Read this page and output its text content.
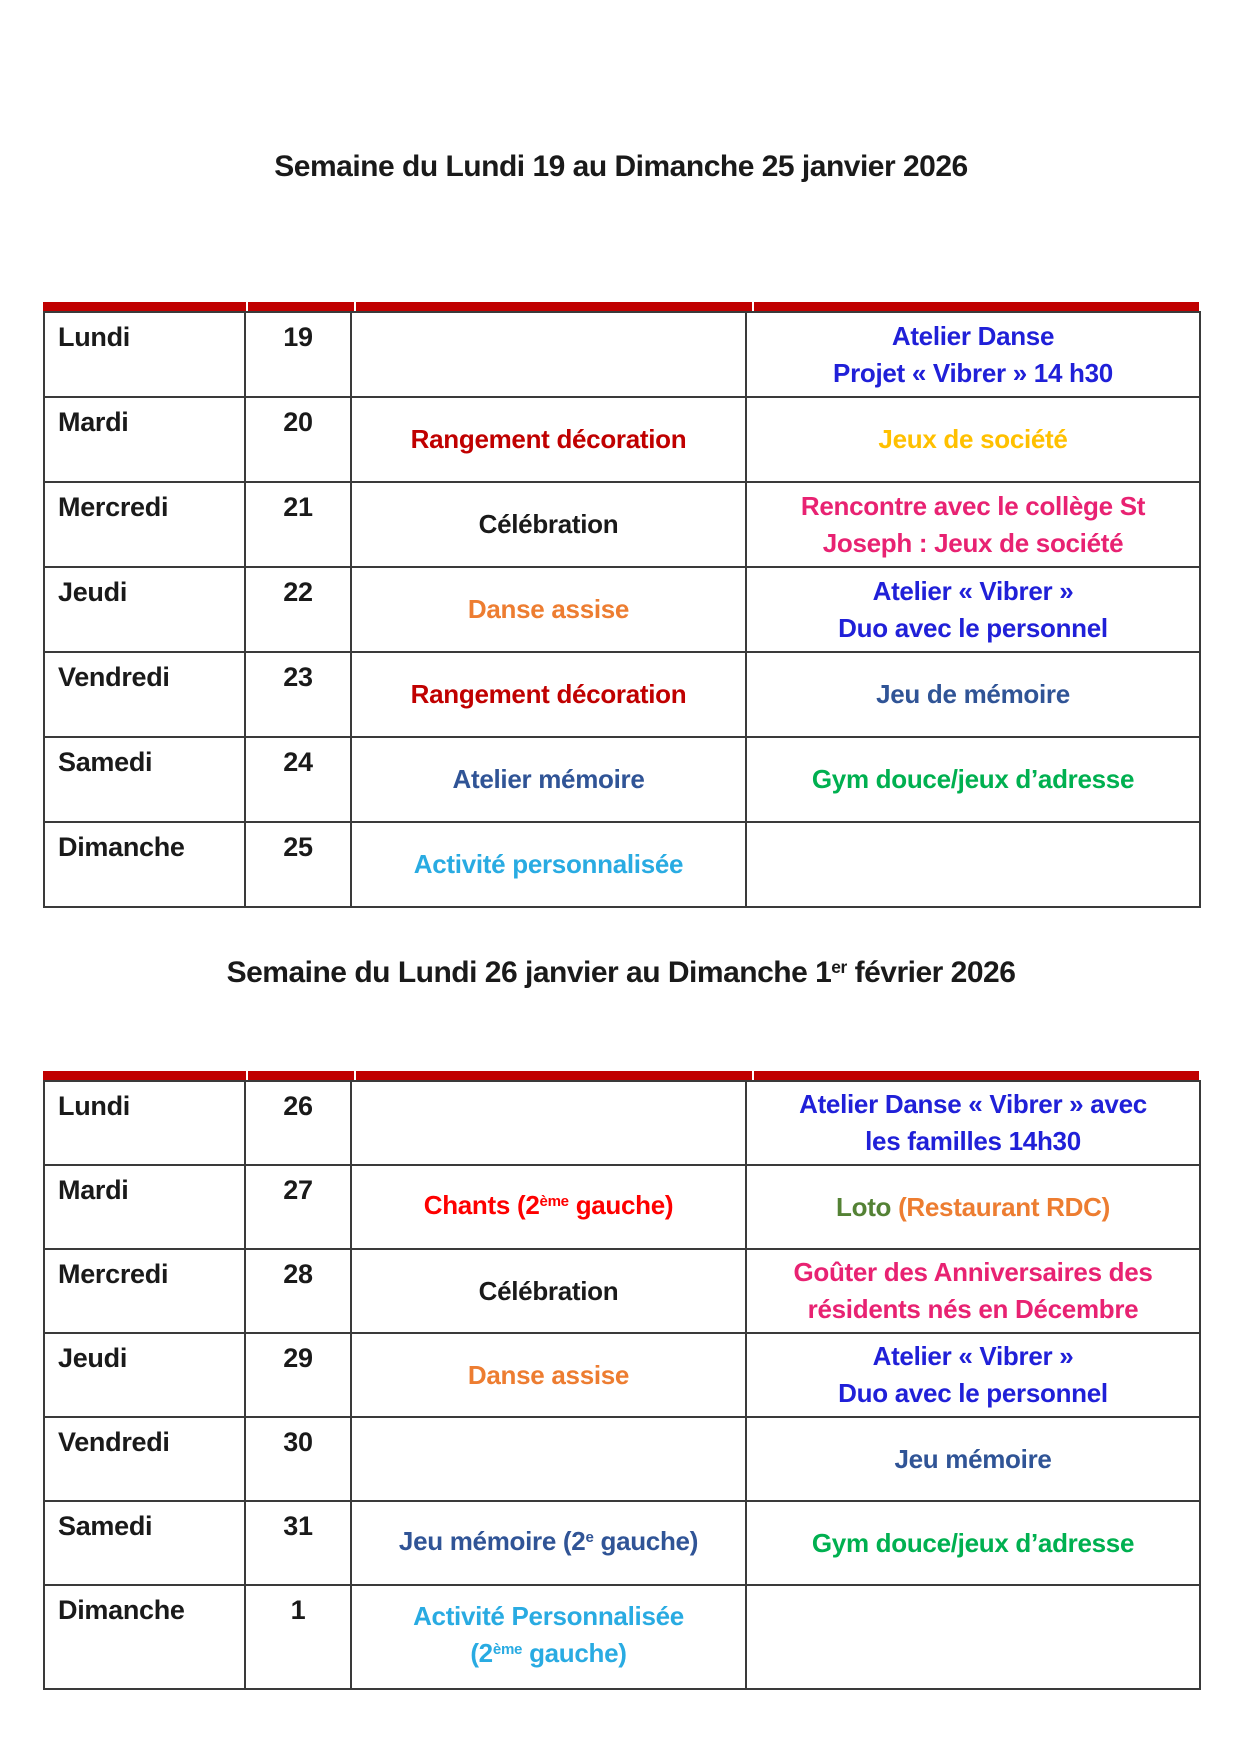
Semaine du Lundi 19 au Dimanche 25 janvier 2026
Lundi	19		Atelier Danse
Projet « Vibrer » 14 h30

Mardi	20	Rangement décoration	Jeux de société

Mercredi	21	Célébration	Rencontre avec le collège St
Joseph : Jeux de société

Jeudi	22	Danse assise	Atelier « Vibrer »
Duo avec le personnel

Vendredi	23	Rangement décoration	Jeu de mémoire

Samedi	24	Atelier mémoire	Gym douce/jeux d’adresse

Dimanche	25	Activité personnalisée	

Semaine du Lundi 26 janvier au Dimanche 1er février 2026
Lundi	26		Atelier Danse « Vibrer » avec
les familles 14h30

Mardi	27	Chants (2ème gauche)	Loto (Restaurant RDC)

Mercredi	28	Célébration	Goûter des Anniversaires des
résidents nés en Décembre

Jeudi	29	Danse assise	Atelier « Vibrer »
Duo avec le personnel

Vendredi	30		Jeu mémoire

Samedi	31	Jeu mémoire (2e gauche)	Gym douce/jeux d’adresse

Dimanche	1	Activité Personnalisée
(2ème gauche)	
